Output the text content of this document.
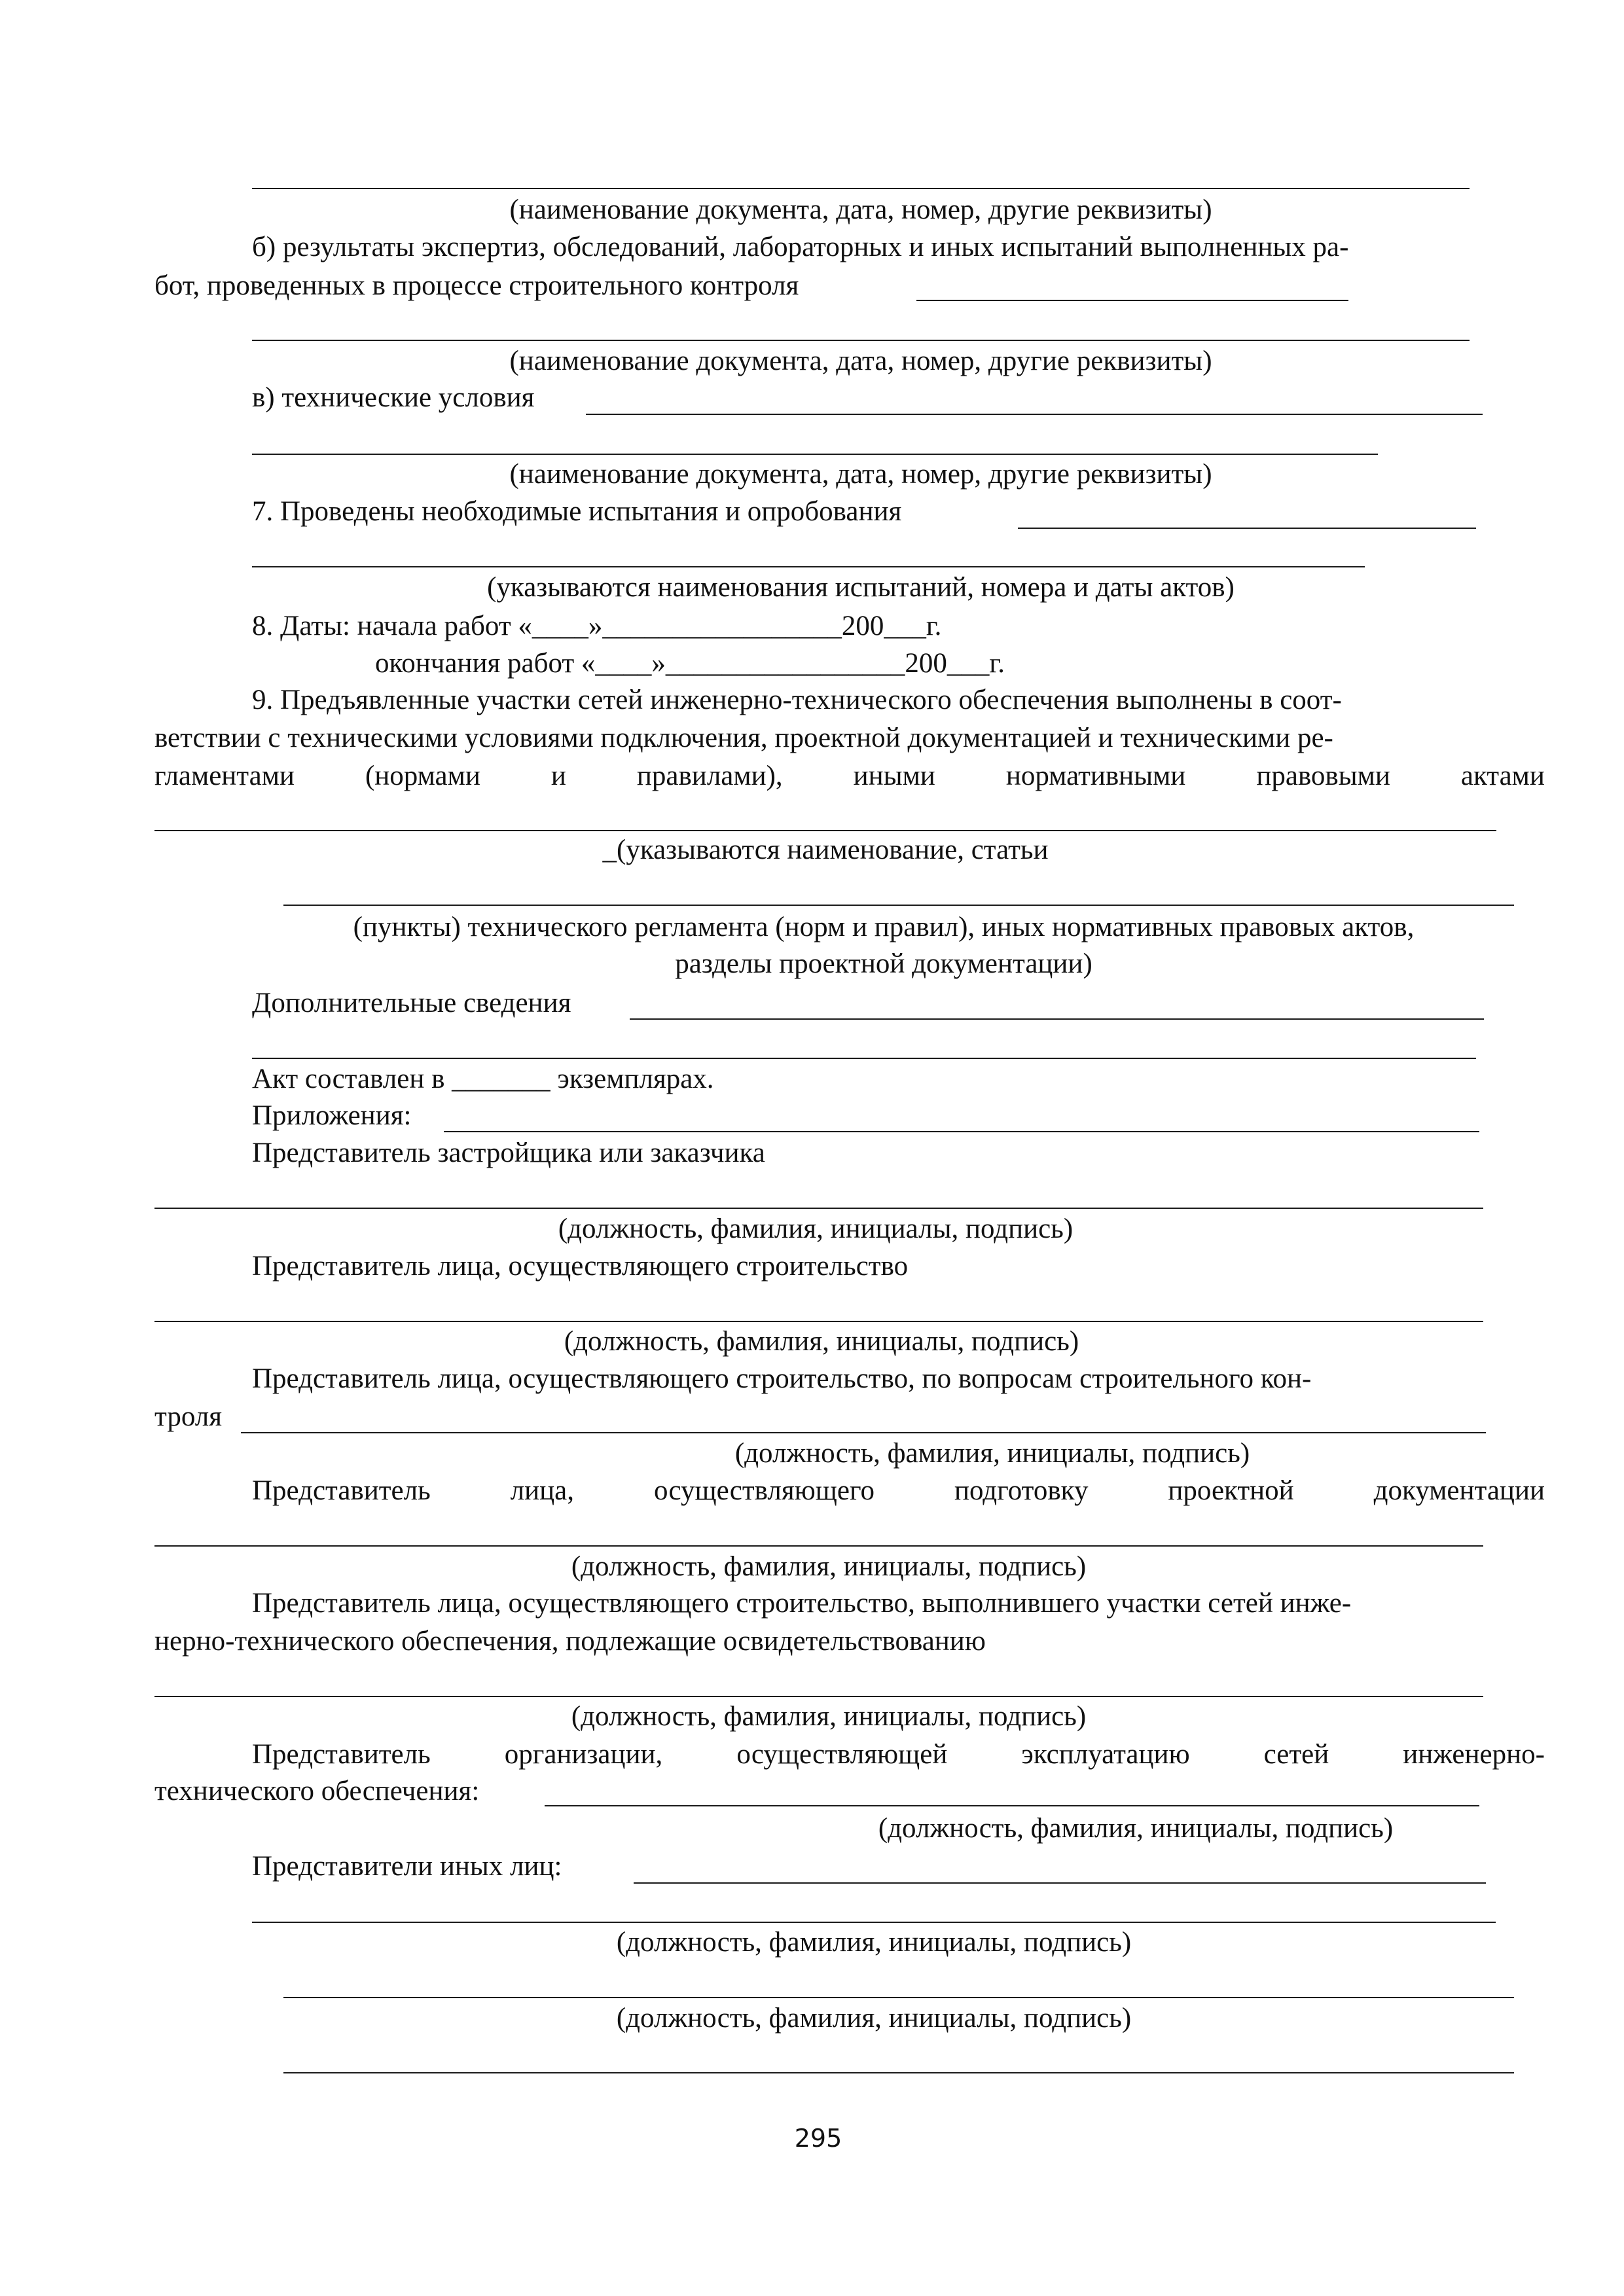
(наименование документа, дата, номер, другие реквизиты)
б) результаты экспертиз, обследований, лабораторных и иных испытаний выполненных ра-
бот, проведенных в процессе строительного контроля
(наименование документа, дата, номер, другие реквизиты)
в) технические условия
(наименование документа, дата, номер, другие реквизиты)
7. Проведены необходимые испытания и опробования
(указываются наименования испытаний, номера и даты актов)
8. Даты: начала работ «____»_________________200___г.
окончания работ «____»_________________200___г.
9. Предъявленные участки сетей инженерно-технического обеспечения выполнены в соот-
ветствии с техническими условиями подключения, проектной документацией и техническими ре-
гламентами	(нормами	и	правилами),	иными	нормативными	правовыми	актами
_(указываются наименование, статьи
(пункты) технического регламента (норм и правил), иных нормативных правовых актов,
разделы проектной документации)
Дополнительные сведения
Акт составлен в _______ экземплярах.
Приложения:
Представитель застройщика или заказчика
(должность, фамилия, инициалы, подпись)
Представитель лица, осуществляющего строительство
(должность, фамилия, инициалы, подпись)
Представитель лица, осуществляющего строительство, по вопросам строительного кон-
троля
(должность, фамилия, инициалы, подпись)
Представитель	лица,	осуществляющего	подготовку	проектной	документации
(должность, фамилия, инициалы, подпись)
Представитель лица, осуществляющего строительство, выполнившего участки сетей инже-
нерно-технического обеспечения, подлежащие освидетельствованию
(должность, фамилия, инициалы, подпись)
Представитель	организации,	осуществляющей	эксплуатацию	сетей	инженерно-
технического обеспечения:
(должность, фамилия, инициалы, подпись)
Представители иных лиц:
(должность, фамилия, инициалы, подпись)
(должность, фамилия, инициалы, подпись)
295
